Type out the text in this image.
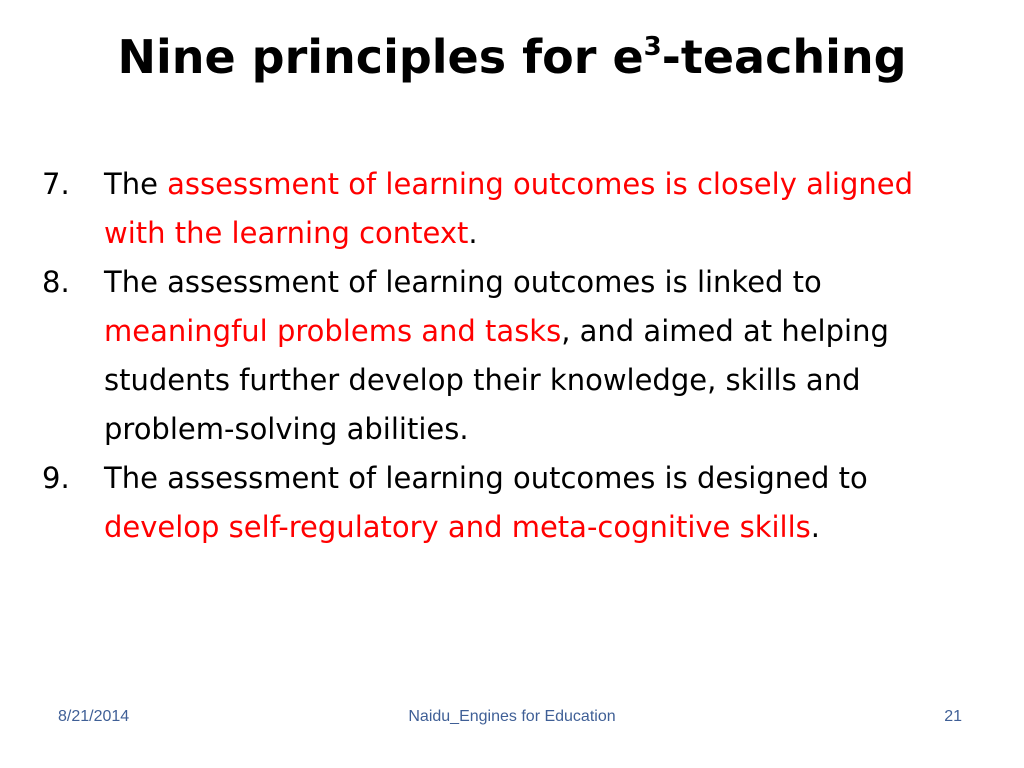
Nine principles for $e^3$-teaching
7. The assessment of learning outcomes is closely aligned with the learning context.
8. The assessment of learning outcomes is linked to meaningful problems and tasks, and aimed at helping students further develop their knowledge, skills and problem-solving abilities.
9. The assessment of learning outcomes is designed to develop self-regulatory and meta-cognitive skills.
8/21/2014	Naidu_Engines for Education	21
